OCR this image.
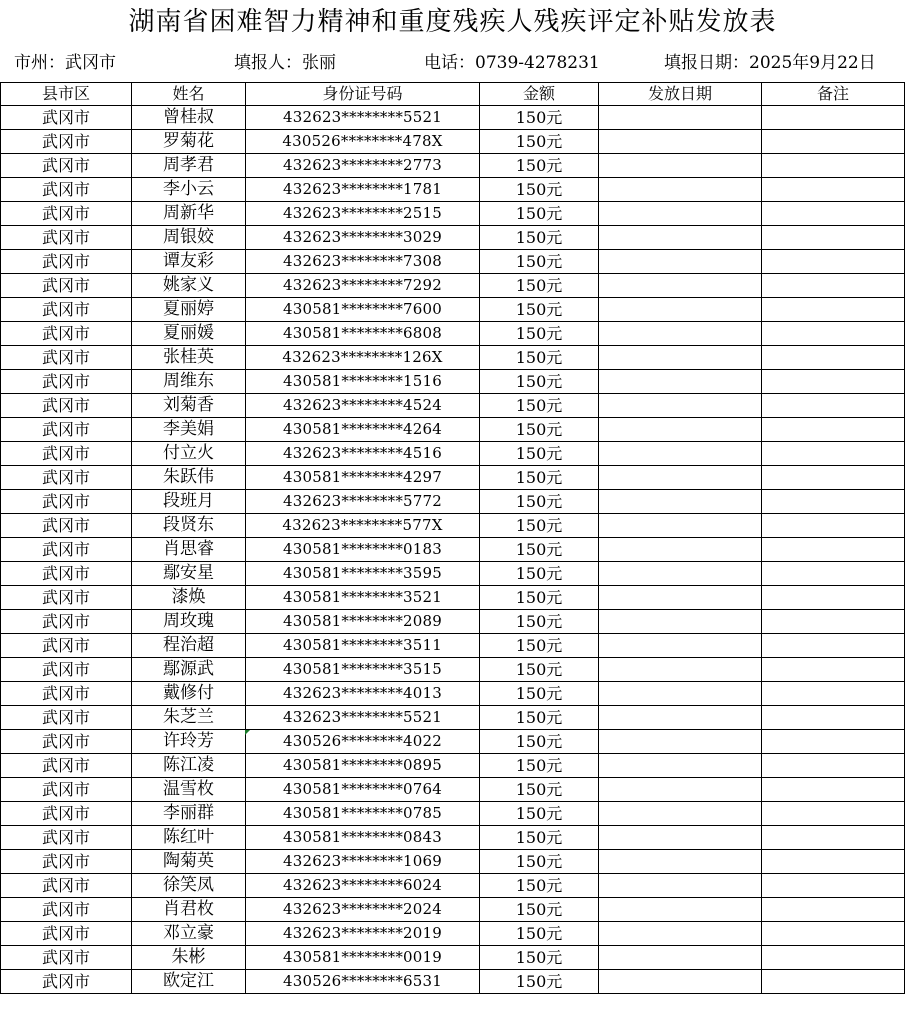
湖南省困难智力精神和重度残疾人残疾评定补贴发放表
市州：武冈市	填报人：张丽	电话：0739-4278231	填报日期：2025年9月22日
县市区	姓名	身份证号码	金额	发放日期	备注
武冈市	曾桂叔	432623********5521	150元		
武冈市	罗菊花	430526********478X	150元		
武冈市	周孝君	432623********2773	150元		
武冈市	李小云	432623********1781	150元		
武冈市	周新华	432623********2515	150元		
武冈市	周银姣	432623********3029	150元		
武冈市	谭友彩	432623********7308	150元		
武冈市	姚家义	432623********7292	150元		
武冈市	夏丽婷	430581********7600	150元		
武冈市	夏丽媛	430581********6808	150元		
武冈市	张桂英	432623********126X	150元		
武冈市	周维东	430581********1516	150元		
武冈市	刘菊香	432623********4524	150元		
武冈市	李美娟	430581********4264	150元		
武冈市	付立火	432623********4516	150元		
武冈市	朱跃伟	430581********4297	150元		
武冈市	段班月	432623********5772	150元		
武冈市	段贤东	432623********577X	150元		
武冈市	肖思睿	430581********0183	150元		
武冈市	鄢安星	430581********3595	150元		
武冈市	漆焕	430581********3521	150元		
武冈市	周玫瑰	430581********2089	150元		
武冈市	程治超	430581********3511	150元		
武冈市	鄢源武	430581********3515	150元		
武冈市	戴修付	432623********4013	150元		
武冈市	朱芝兰	432623********5521	150元		
武冈市	许玲芳	430526********4022	150元		
武冈市	陈江凌	430581********0895	150元		
武冈市	温雪枚	430581********0764	150元		
武冈市	李丽群	430581********0785	150元		
武冈市	陈红叶	430581********0843	150元		
武冈市	陶菊英	432623********1069	150元		
武冈市	徐笑凤	432623********6024	150元		
武冈市	肖君枚	432623********2024	150元		
武冈市	邓立豪	432623********2019	150元		
武冈市	朱彬	430581********0019	150元		
武冈市	欧定江	430526********6531	150元		
